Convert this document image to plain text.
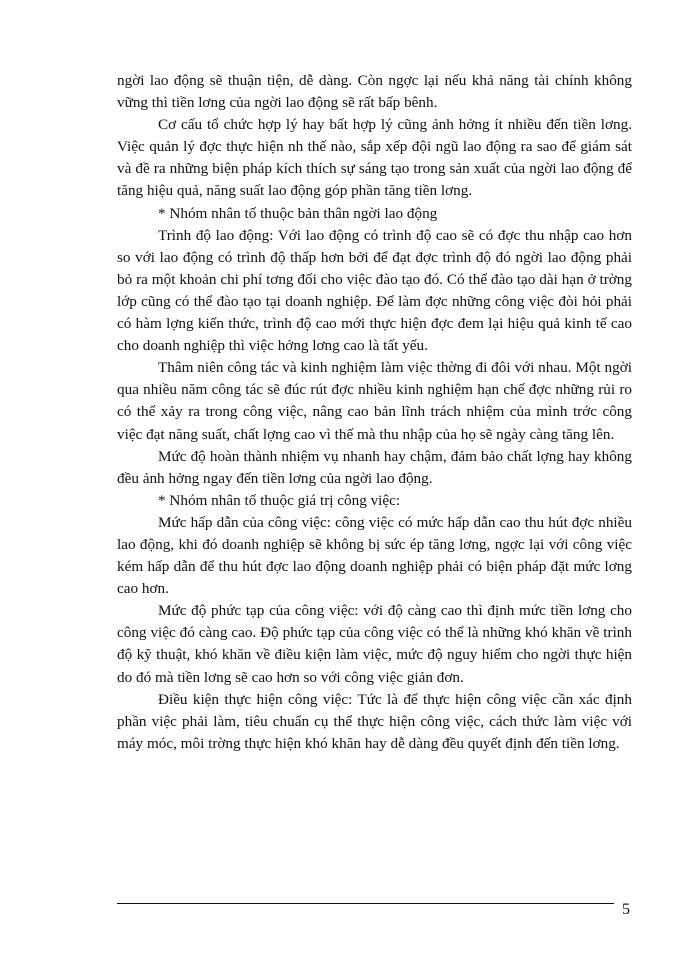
ngời lao động sẽ thuận tiện, dễ dàng. Còn ngợc lại nếu khả năng tài chính không vững thì tiền lơng của ngời lao động sẽ rất bấp bênh.

Cơ cấu tổ chức hợp lý hay bất hợp lý cũng ảnh hởng ít nhiều đến tiền lơng. Việc quản lý đợc thực hiện nh thế nào, sắp xếp đội ngũ lao động ra sao để giám sát và đề ra những biện pháp kích thích sự sáng tạo trong sản xuất của ngời lao động để tăng hiệu quả, năng suất lao động góp phần tăng tiền lơng.

* Nhóm nhân tố thuộc bản thân ngời lao động

Trình độ lao động: Với lao động có trình độ cao sẽ có đợc thu nhập cao hơn so với lao động có trình độ thấp hơn bởi để đạt đợc trình độ đó ngời lao động phải bỏ ra một khoản chi phí tơng đối cho việc đào tạo đó. Có thể đào tạo dài hạn ở trờng lớp cũng có thể đào tạo tại doanh nghiệp. Để làm đợc những công việc đòi hỏi phải có hàm lợng kiến thức, trình độ cao mới thực hiện đợc đem lại hiệu quả kinh tế cao cho doanh nghiệp thì việc hởng lơng cao là tất yếu.

Thâm niên công tác và kinh nghiệm làm việc thờng đi đôi với nhau. Một ngời qua nhiều năm công tác sẽ đúc rút đợc nhiều kinh nghiệm hạn chế đợc những rủi ro có thể xảy ra trong công việc, nâng cao bản lĩnh trách nhiệm của mình trớc công việc đạt năng suất, chất lợng cao vì thế mà thu nhập của họ sẽ ngày càng tăng lên.

Mức độ hoàn thành nhiệm vụ nhanh hay chậm, đảm bảo chất lợng hay không đều ảnh hởng ngay đến tiền lơng của ngời lao động.

* Nhóm nhân tố thuộc giá trị công việc:

Mức hấp dẫn của công việc: công việc có mức hấp dẫn cao thu hút đợc nhiều lao động, khi đó doanh nghiệp sẽ không bị sức ép tăng lơng, ngợc lại với công việc kém hấp dẫn để thu hút đợc lao động doanh nghiệp phải có biện pháp đặt mức lơng cao hơn.

Mức độ phức tạp của công việc: với độ càng cao thì định mức tiền lơng cho công việc đó càng cao. Độ phức tạp của công việc có thể là những khó khăn về trình độ kỹ thuật, khó khăn về điều kiện làm việc, mức độ nguy hiểm cho ngời thực hiện do đó mà tiền lơng sẽ cao hơn so với công việc giản đơn.

Điều kiện thực hiện công việc: Tức là để thực hiện công việc cần xác định phần việc phải làm, tiêu chuẩn cụ thể thực hiện công việc, cách thức làm việc với máy móc, môi trờng thực hiện khó khăn hay dễ dàng đều quyết định đến tiền lơng.

5
